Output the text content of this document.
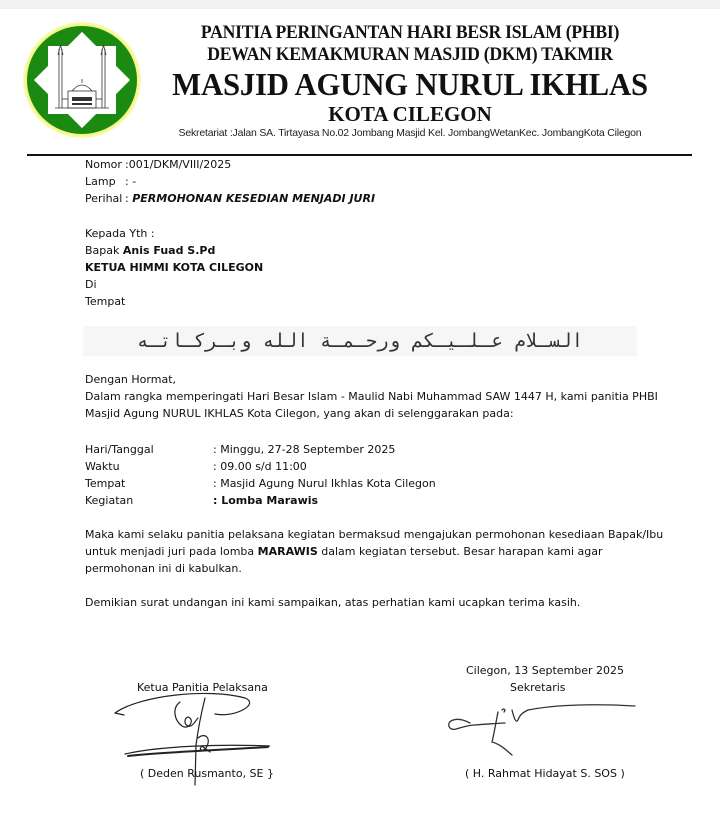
PANITIA PERINGANTAN HARI BESR ISLAM (PHBI)
DEWAN KEMAKMURAN MASJID (DKM) TAKMIR
MASJID AGUNG NURUL IKHLAS
KOTA CILEGON
Sekretariat :Jalan SA. Tirtayasa No.02 Jombang Masjid Kel. JombangWetanKec. JombangKota Cilegon
Nomor :001/DKM/VIII/2025
Lamp : -
Perihal : PERMOHONAN KESEDIAN MENJADI JURI
Kepada Yth :
Bapak Anis Fuad S.Pd
KETUA HIMMI KOTA CILEGON
Di
Tempat
السـلام عـلـيـكم ورحـمـة الله وبـركـاتـه
Dengan Hormat,
Dalam rangka memperingati Hari Besar Islam - Maulid Nabi Muhammad SAW 1447 H, kami panitia PHBI
Masjid Agung NURUL IKHLAS Kota Cilegon, yang akan di selenggarakan pada:
Hari/Tanggal	: Minggu, 27-28 September 2025
Waktu	: 09.00 s/d 11:00
Tempat	: Masjid Agung Nurul Ikhlas Kota Cilegon
Kegiatan	: Lomba Marawis
Maka kami selaku panitia pelaksana kegiatan bermaksud mengajukan permohonan kesediaan Bapak/Ibu
untuk menjadi juri pada lomba MARAWIS dalam kegiatan tersebut. Besar harapan kami agar
permohonan ini di kabulkan.
Demikian surat undangan ini kami sampaikan, atas perhatian kami ucapkan terima kasih.
Cilegon, 13 September 2025
Ketua Panitia Pelaksana	Sekretaris
( Deden Rusmanto, SE }	( H. Rahmat Hidayat S. SOS )
